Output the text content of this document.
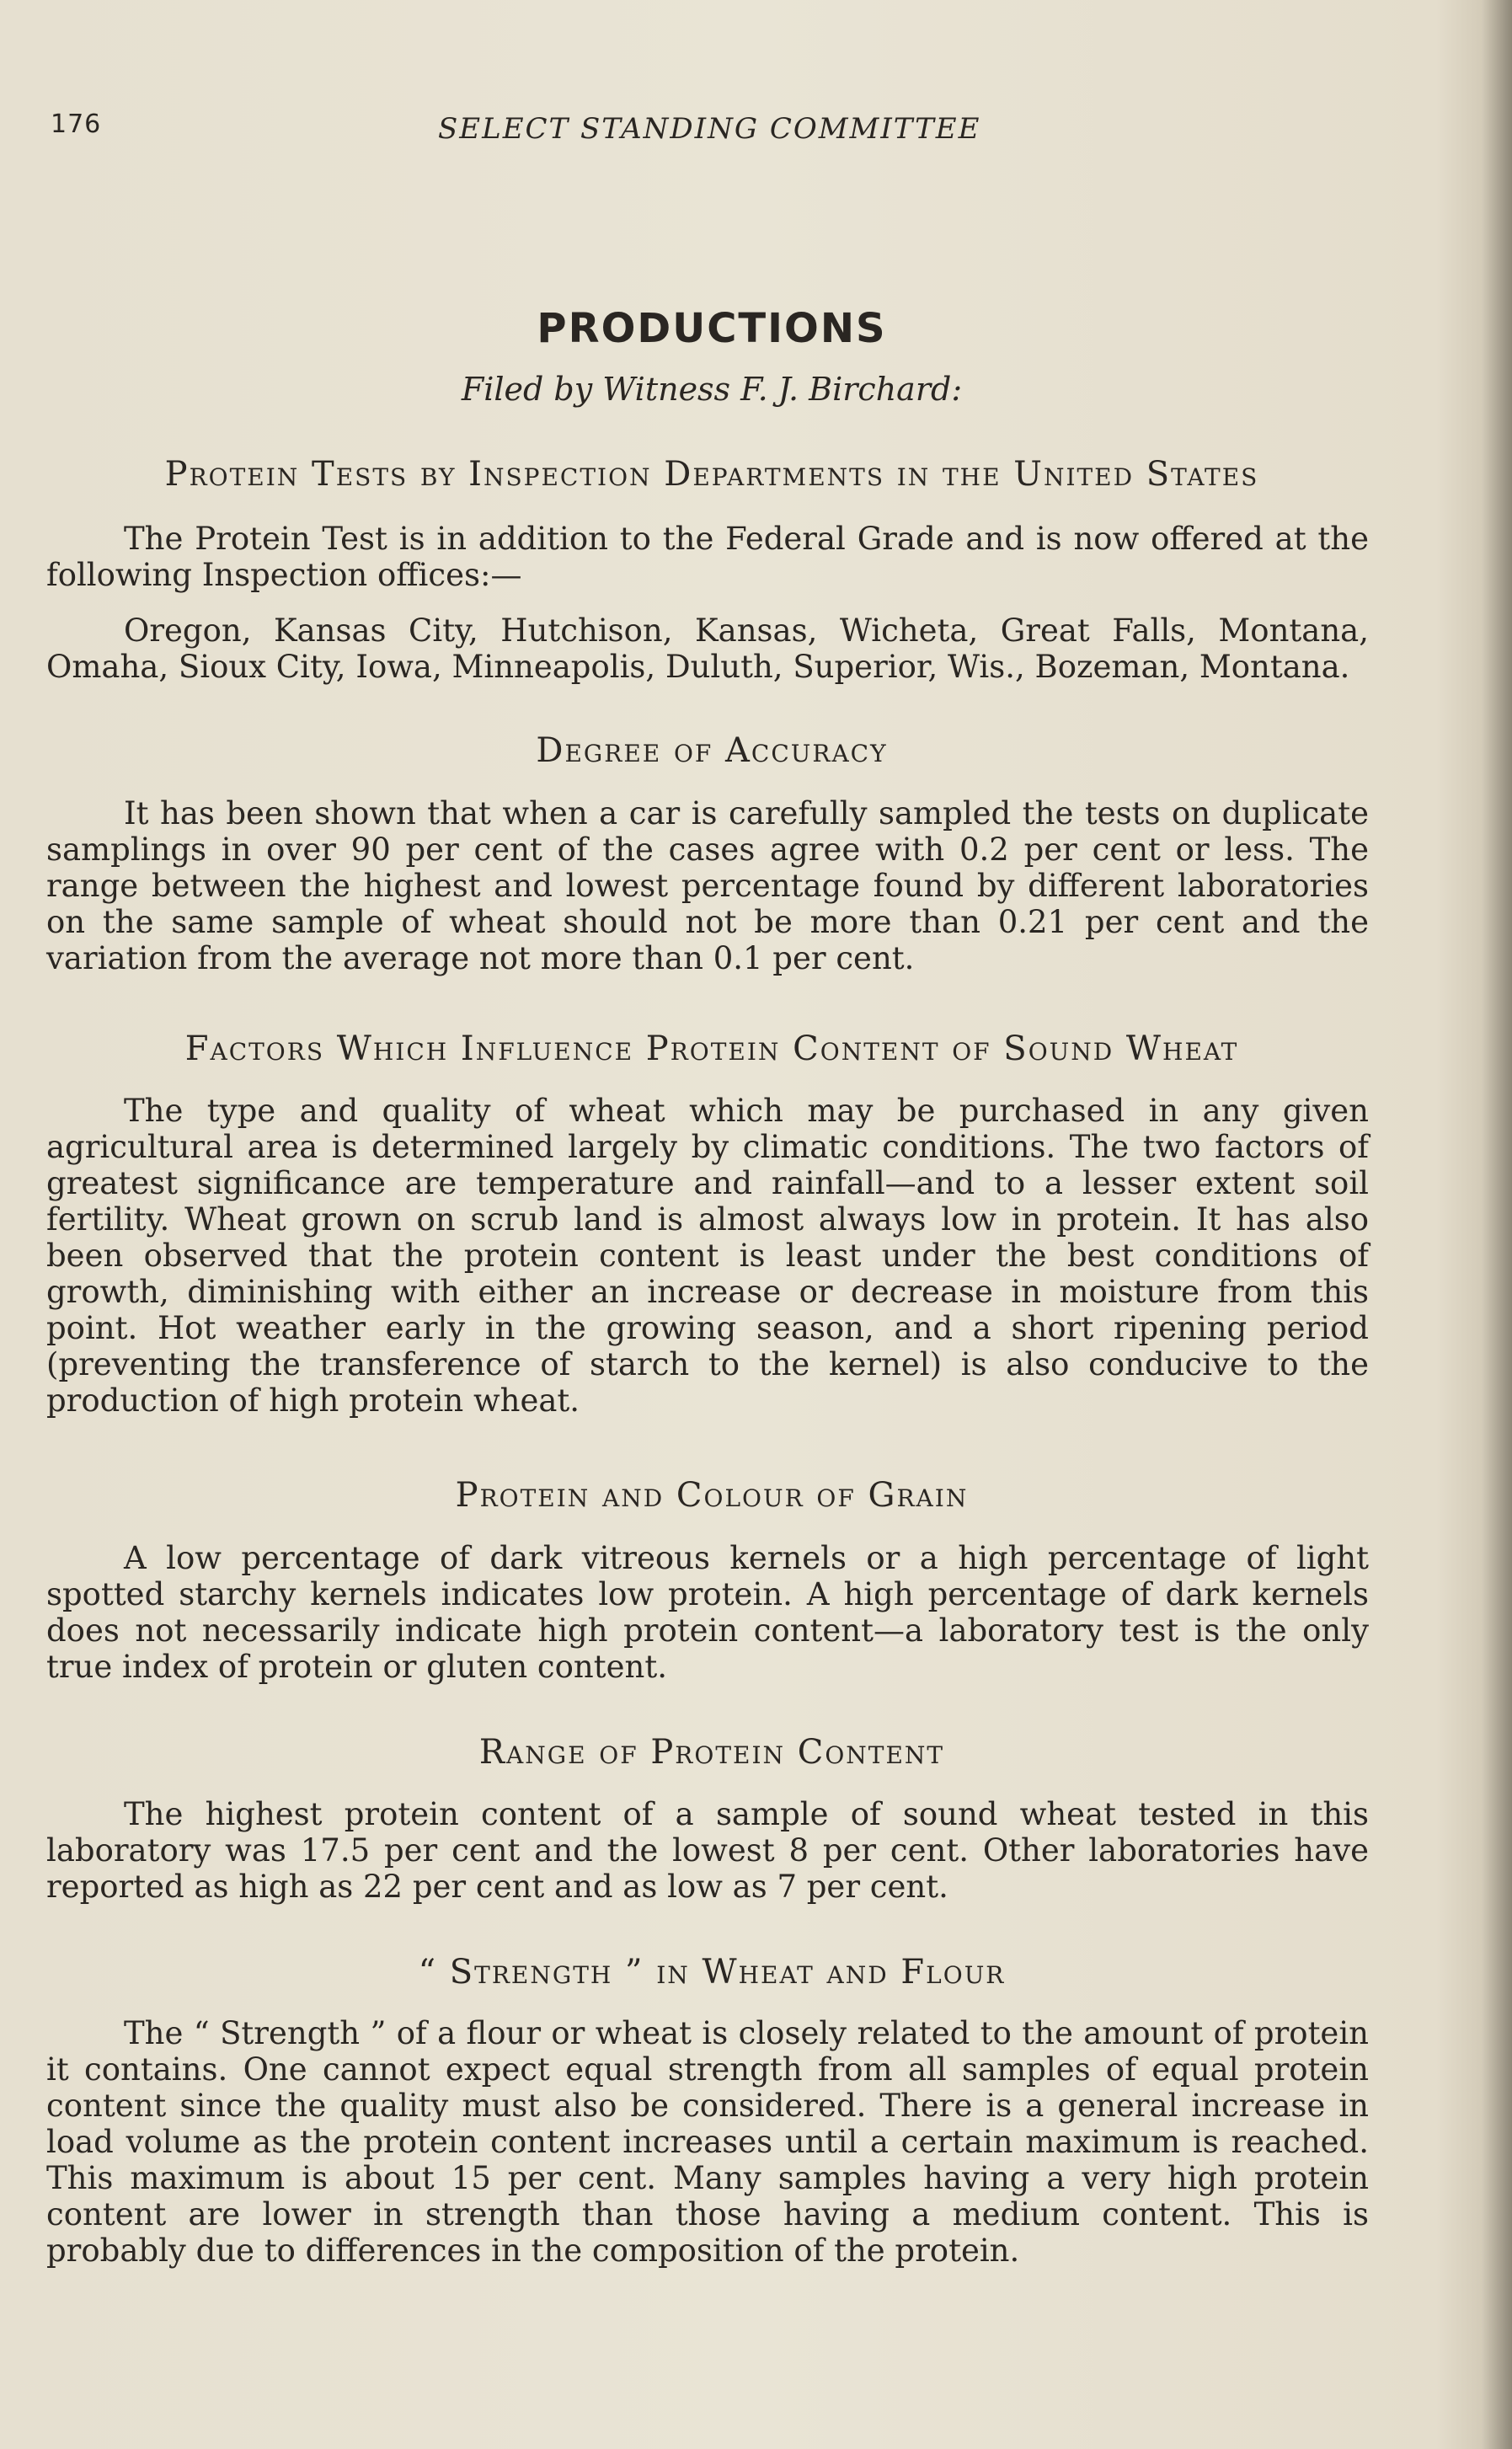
176	SELECT STANDING COMMITTEE
PRODUCTIONS
Filed by Witness F. J. Birchard:
Protein Tests by Inspection Departments in the United States
The Protein Test is in addition to the Federal Grade and is now offered at the following Inspection offices:—
Oregon, Kansas City, Hutchison, Kansas, Wicheta, Great Falls, Montana, Omaha, Sioux City, Iowa, Minneapolis, Duluth, Superior, Wis., Bozeman, Montana.
Degree of Accuracy
It has been shown that when a car is carefully sampled the tests on duplicate samplings in over 90 per cent of the cases agree with 0.2 per cent or less. The range between the highest and lowest percentage found by different laboratories on the same sample of wheat should not be more than 0.21 per cent and the variation from the average not more than 0.1 per cent.
Factors Which Influence Protein Content of Sound Wheat
The type and quality of wheat which may be purchased in any given agricultural area is determined largely by climatic conditions. The two factors of greatest significance are temperature and rainfall—and to a lesser extent soil fertility. Wheat grown on scrub land is almost always low in protein. It has also been observed that the protein content is least under the best conditions of growth, diminishing with either an increase or decrease in moisture from this point. Hot weather early in the growing season, and a short ripening period (preventing the transference of starch to the kernel) is also conducive to the production of high protein wheat.
Protein and Colour of Grain
A low percentage of dark vitreous kernels or a high percentage of light spotted starchy kernels indicates low protein. A high percentage of dark kernels does not necessarily indicate high protein content—a laboratory test is the only true index of protein or gluten content.
Range of Protein Content
The highest protein content of a sample of sound wheat tested in this laboratory was 17.5 per cent and the lowest 8 per cent. Other laboratories have reported as high as 22 per cent and as low as 7 per cent.
“ Strength ” in Wheat and Flour
The “ Strength ” of a flour or wheat is closely related to the amount of protein it contains. One cannot expect equal strength from all samples of equal protein content since the quality must also be considered. There is a general increase in load volume as the protein content increases until a certain maximum is reached. This maximum is about 15 per cent. Many samples having a very high protein content are lower in strength than those having a medium content. This is probably due to differences in the composition of the protein.
